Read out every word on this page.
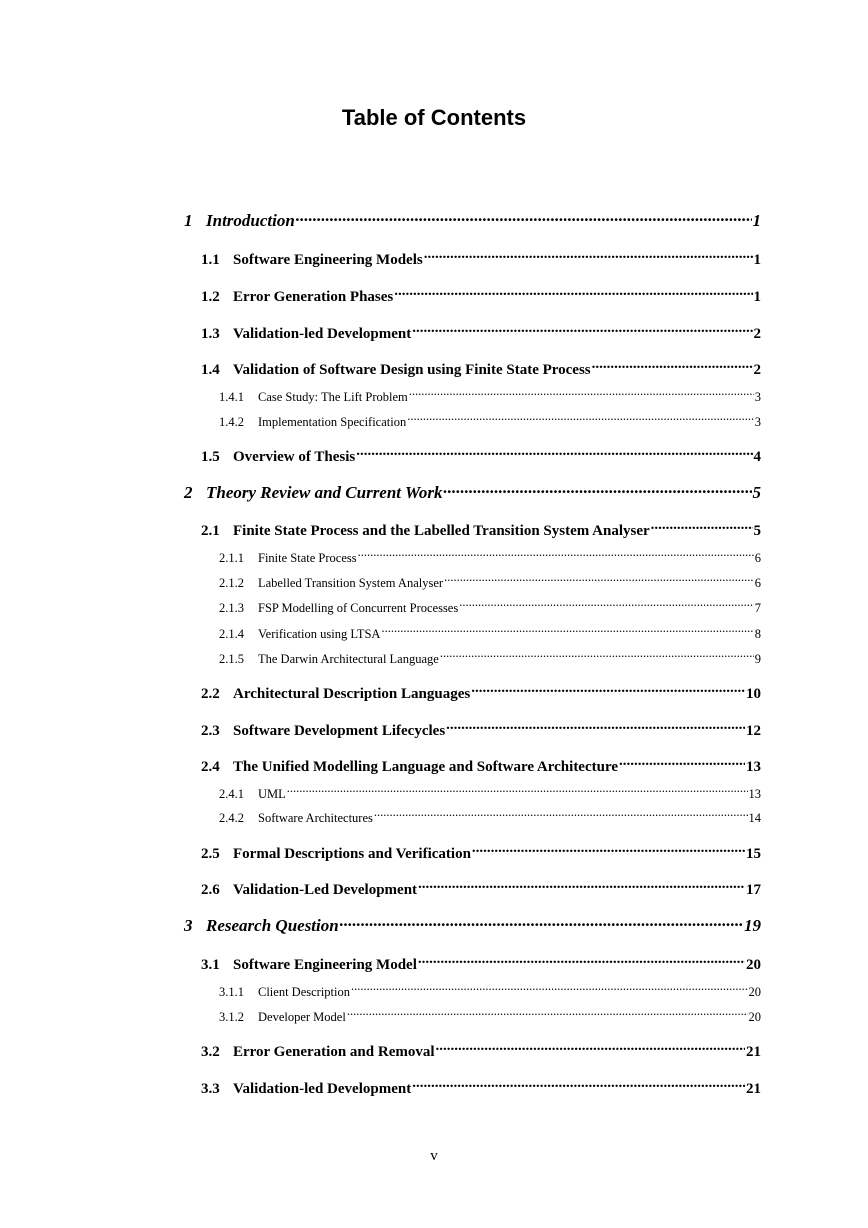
Table of Contents
1 Introduction .....	1
1.1 Software Engineering Models .....	1
1.2 Error Generation Phases .....	1
1.3 Validation-led Development .....	2
1.4 Validation of Software Design using Finite State Process .....	2
1.4.1	Case Study: The Lift Problem .....	3
1.4.2	Implementation Specification .....	3
1.5 Overview of Thesis .....	4
2 Theory Review and Current Work .....	5
2.1 Finite State Process and the Labelled Transition System Analyser .....	5
2.1.1	Finite State Process .....	6
2.1.2	Labelled Transition System Analyser .....	6
2.1.3	FSP Modelling of Concurrent Processes .....	7
2.1.4	Verification using LTSA .....	8
2.1.5	The Darwin Architectural Language .....	9
2.2 Architectural Description Languages .....	10
2.3 Software Development Lifecycles .....	12
2.4 The Unified Modelling Language and Software Architecture .....	13
2.4.1	UML .....	13
2.4.2	Software Architectures .....	14
2.5 Formal Descriptions and Verification .....	15
2.6 Validation-Led Development .....	17
3 Research Question .....	19
3.1 Software Engineering Model .....	20
3.1.1	Client Description .....	20
3.1.2	Developer Model .....	20
3.2 Error Generation and Removal .....	21
3.3 Validation-led Development .....	21
v
